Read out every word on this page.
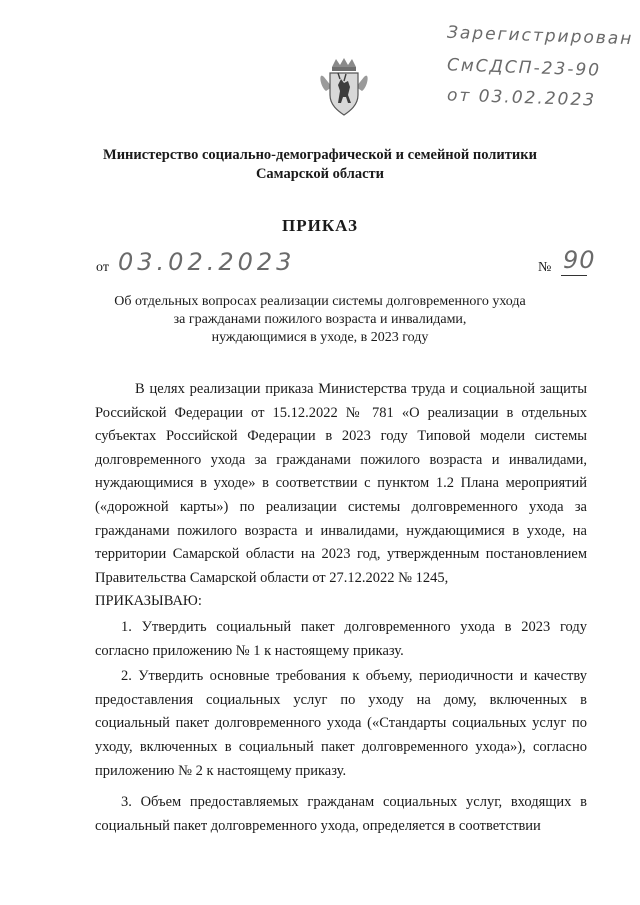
Зарегистрирован
СмСДСП-23-90
от 03.02.2023
Министерство социально-демографической и семейной политики
Самарской области
ПРИКАЗ
от 03.02.2023	№ 90
Об отдельных вопросах реализации системы долговременного ухода
за гражданами пожилого возраста и инвалидами,
нуждающимися в уходе, в 2023 году

В целях реализации приказа Министерства труда и социальной защиты Российской Федерации от 15.12.2022 № 781 «О реализации в отдельных субъектах Российской Федерации в 2023 году Типовой модели системы долговременного ухода за гражданами пожилого возраста и инвалидами, нуждающимися в уходе» в соответствии с пунктом 1.2 Плана мероприятий («дорожной карты») по реализации системы долговременного ухода за гражданами пожилого возраста и инвалидами, нуждающимися в уходе, на территории Самарской области на 2023 год, утвержденным постановлением Правительства Самарской области от 27.12.2022 № 1245,

ПРИКАЗЫВАЮ:

1. Утвердить социальный пакет долговременного ухода в 2023 году согласно приложению № 1 к настоящему приказу.

2. Утвердить основные требования к объему, периодичности и качеству предоставления социальных услуг по уходу на дому, включенных в социальный пакет долговременного ухода («Стандарты социальных услуг по уходу, включенных в социальный пакет долговременного ухода»), согласно приложению № 2 к настоящему приказу.

3. Объем предоставляемых гражданам социальных услуг, входящих в социальный пакет долговременного ухода, определяется в соответствии
